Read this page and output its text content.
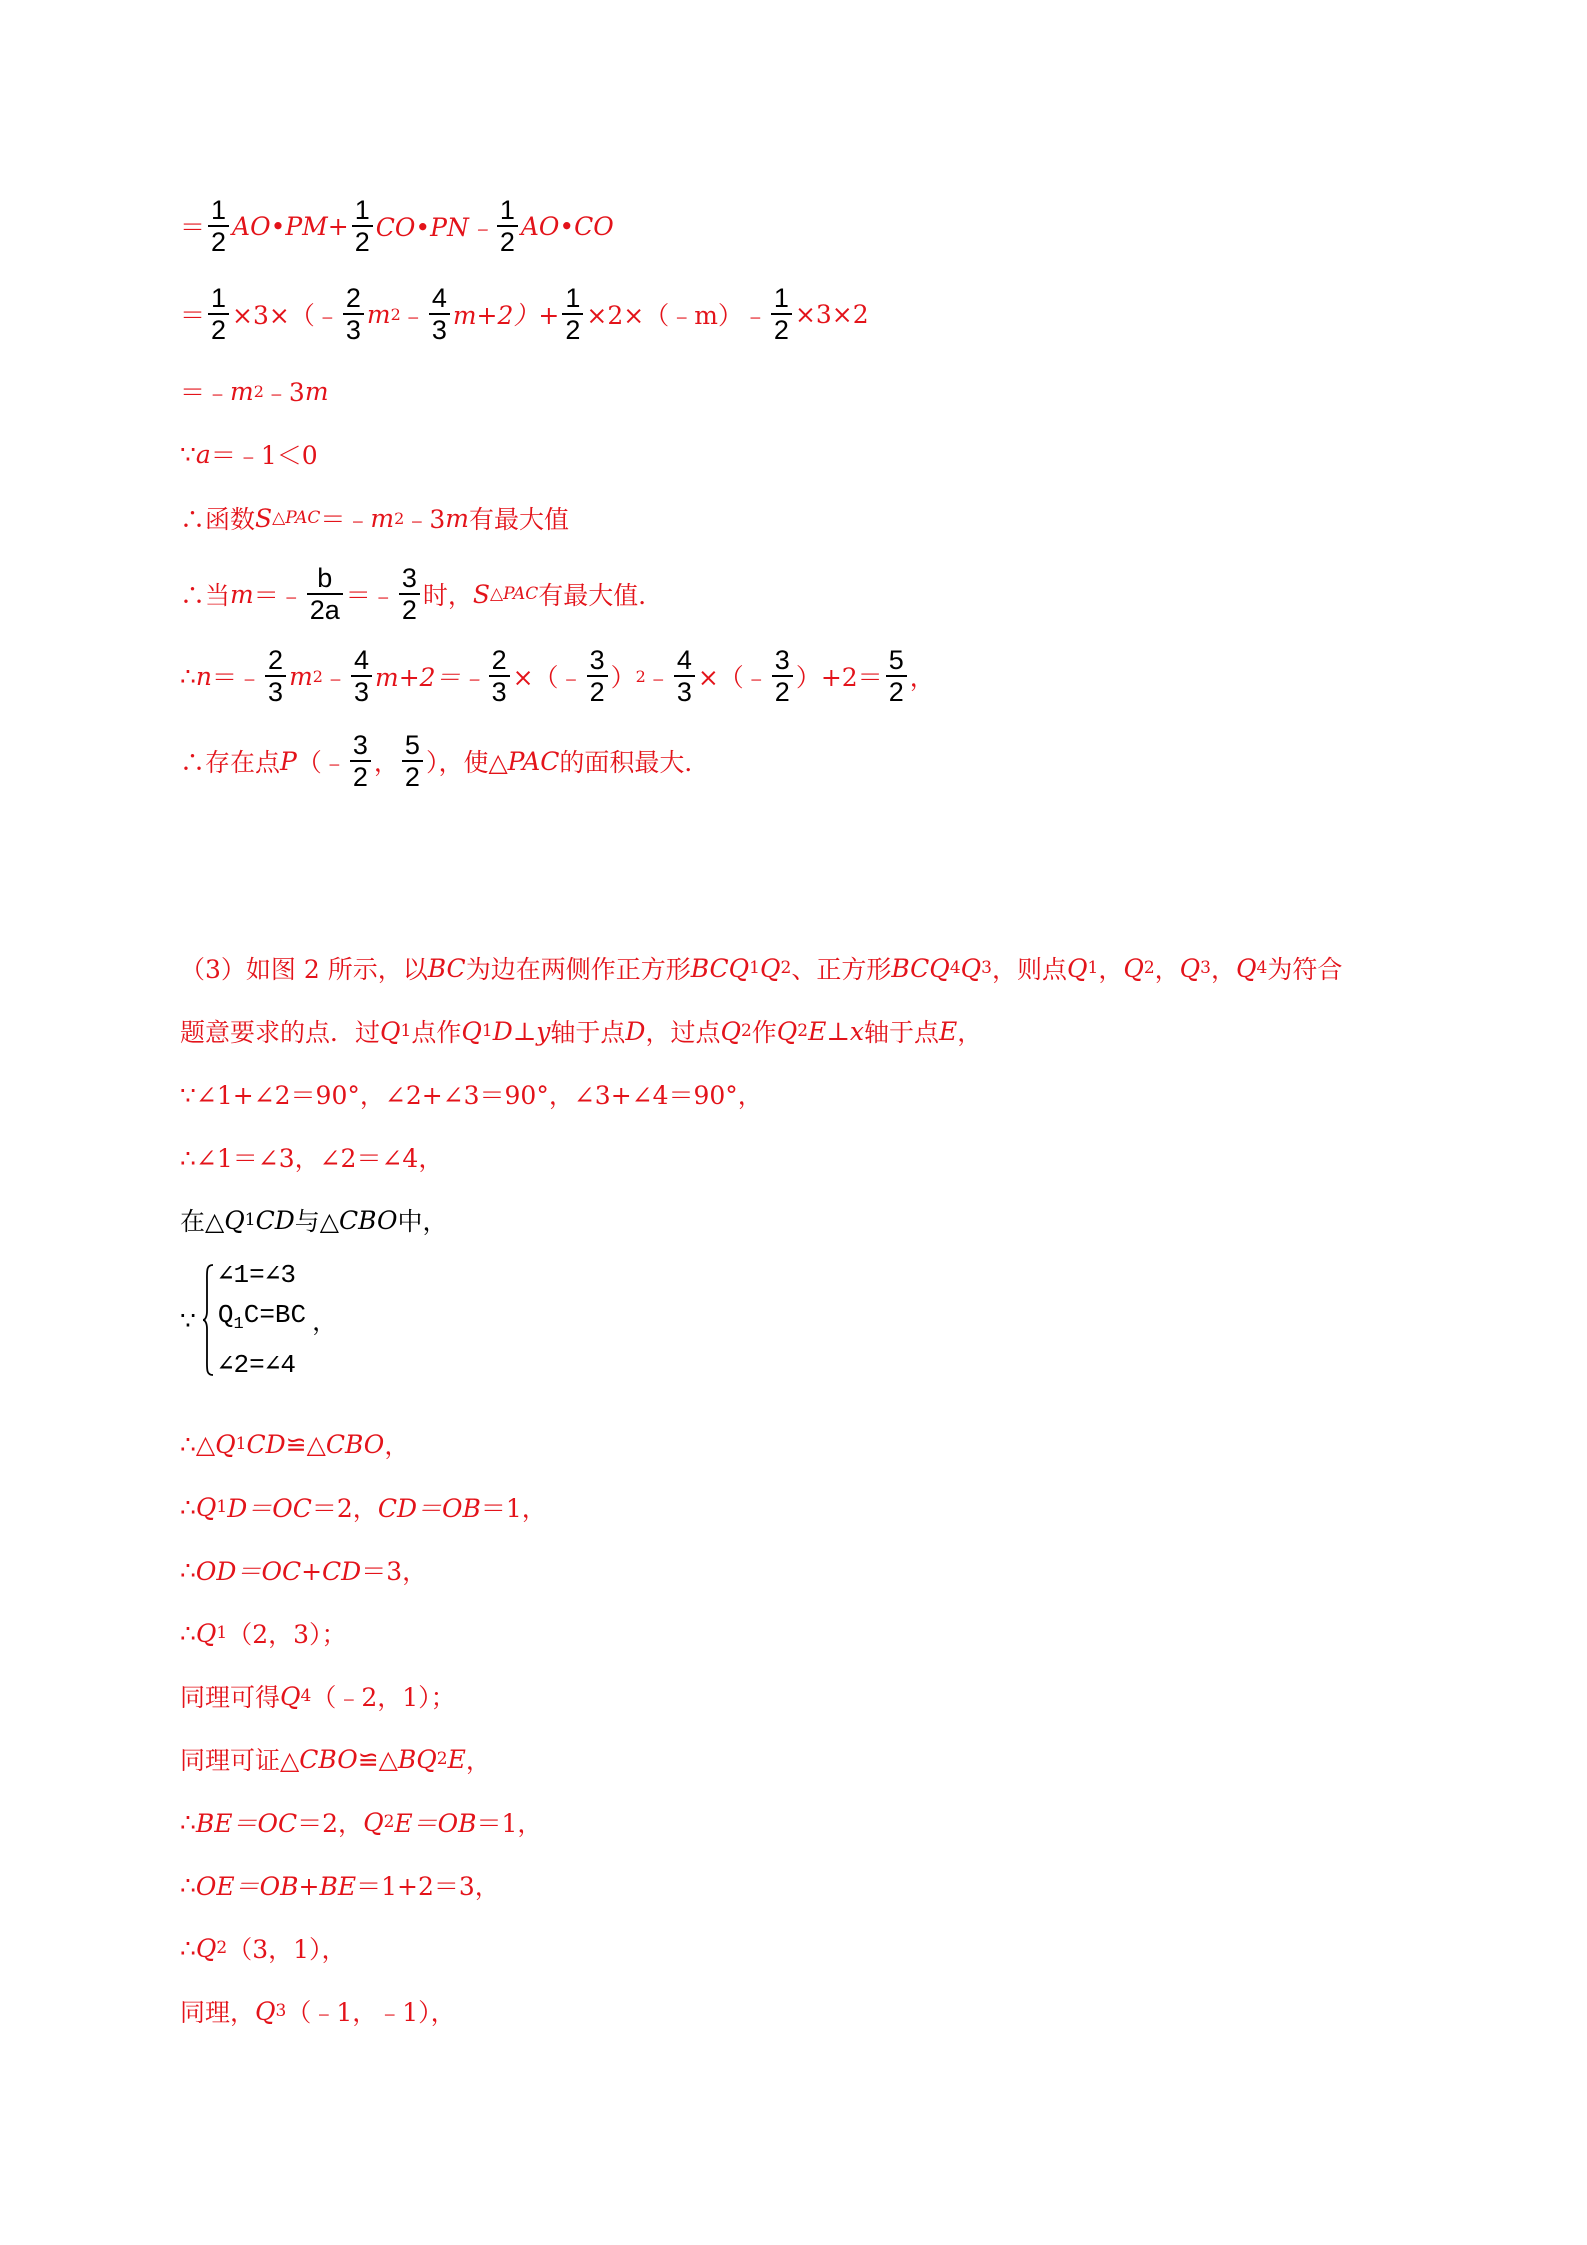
＝ $\frac{1}{2}$ AO•PM+ $\frac{1}{2}$ CO•PN﹣ $\frac{1}{2}$ AO•CO
＝ $\frac{1}{2}$ ×3×（﹣ $\frac{2}{3}$ m 2 ﹣ $\frac{4}{3} m+2)+ \frac{1}{2}$ ×2×（﹣m）﹣ $\frac{1}{2} \times 3\times 2$
＝﹣ m 2 ﹣3 m
∵ a ＝﹣1＜0
∴函数 S △PAC ＝﹣ m 2 ﹣3 m 有最大值
∴当 m ＝﹣ $\frac{b}{2a}$ ＝﹣ $\frac{3}{2}$ 时， S △PAC 有最大值．
∴ n ＝﹣ $\frac{2}{3}$ m 2 ﹣ $\frac{4}{3}$ m+2＝﹣ $\frac{2}{3}$ ×（﹣ $\frac{3}{2}$ ） 2 ﹣ $\frac{4}{3}$ ×（﹣ $\frac{3}{2} )+2= \frac{5}{2}$ ，
∴存在点 P （﹣ $\frac{3}{2}$ ， $\frac{5}{2}$ ），使△ PAC 的面积最大．
（3）如图 2 所示，以 BC 为边在两侧作正方形 BCQ 1 Q 2 、正方形 BCQ 4 Q 3 ，则点 Q 1 ， Q 2 ， Q 3 ， Q 4 为符合
题意要求的点．过 Q 1 点作 Q 1 D⊥y 轴于点 D ，过点 Q 2 作 Q 2 E⊥x 轴于点 E ，
∵∠1+∠2＝90°，∠2+∠3＝90°，∠3+∠4＝90°，
∴∠1＝∠3，∠2＝∠4，
在△ Q 1 CD 与△ CBO 中，
∵
∠1=∠3
$Q_1C=BC$
∠2=∠4
，
∴△ Q 1 CD ≌△ CBO ，
∴ Q 1 D＝OC ＝2， CD＝OB ＝1，
∴ OD＝OC+CD ＝3，
∴ Q 1 （2，3）；
同理可得 Q 4 （﹣2，1）；
同理可证△ CBO ≌△ BQ 2 E ，
∴ BE＝OC ＝2， Q 2 E＝OB ＝1，
∴ OE＝OB+BE ＝1+2＝3，
∴ Q 2 （3，1），
同理， Q 3 （﹣1，﹣1），
